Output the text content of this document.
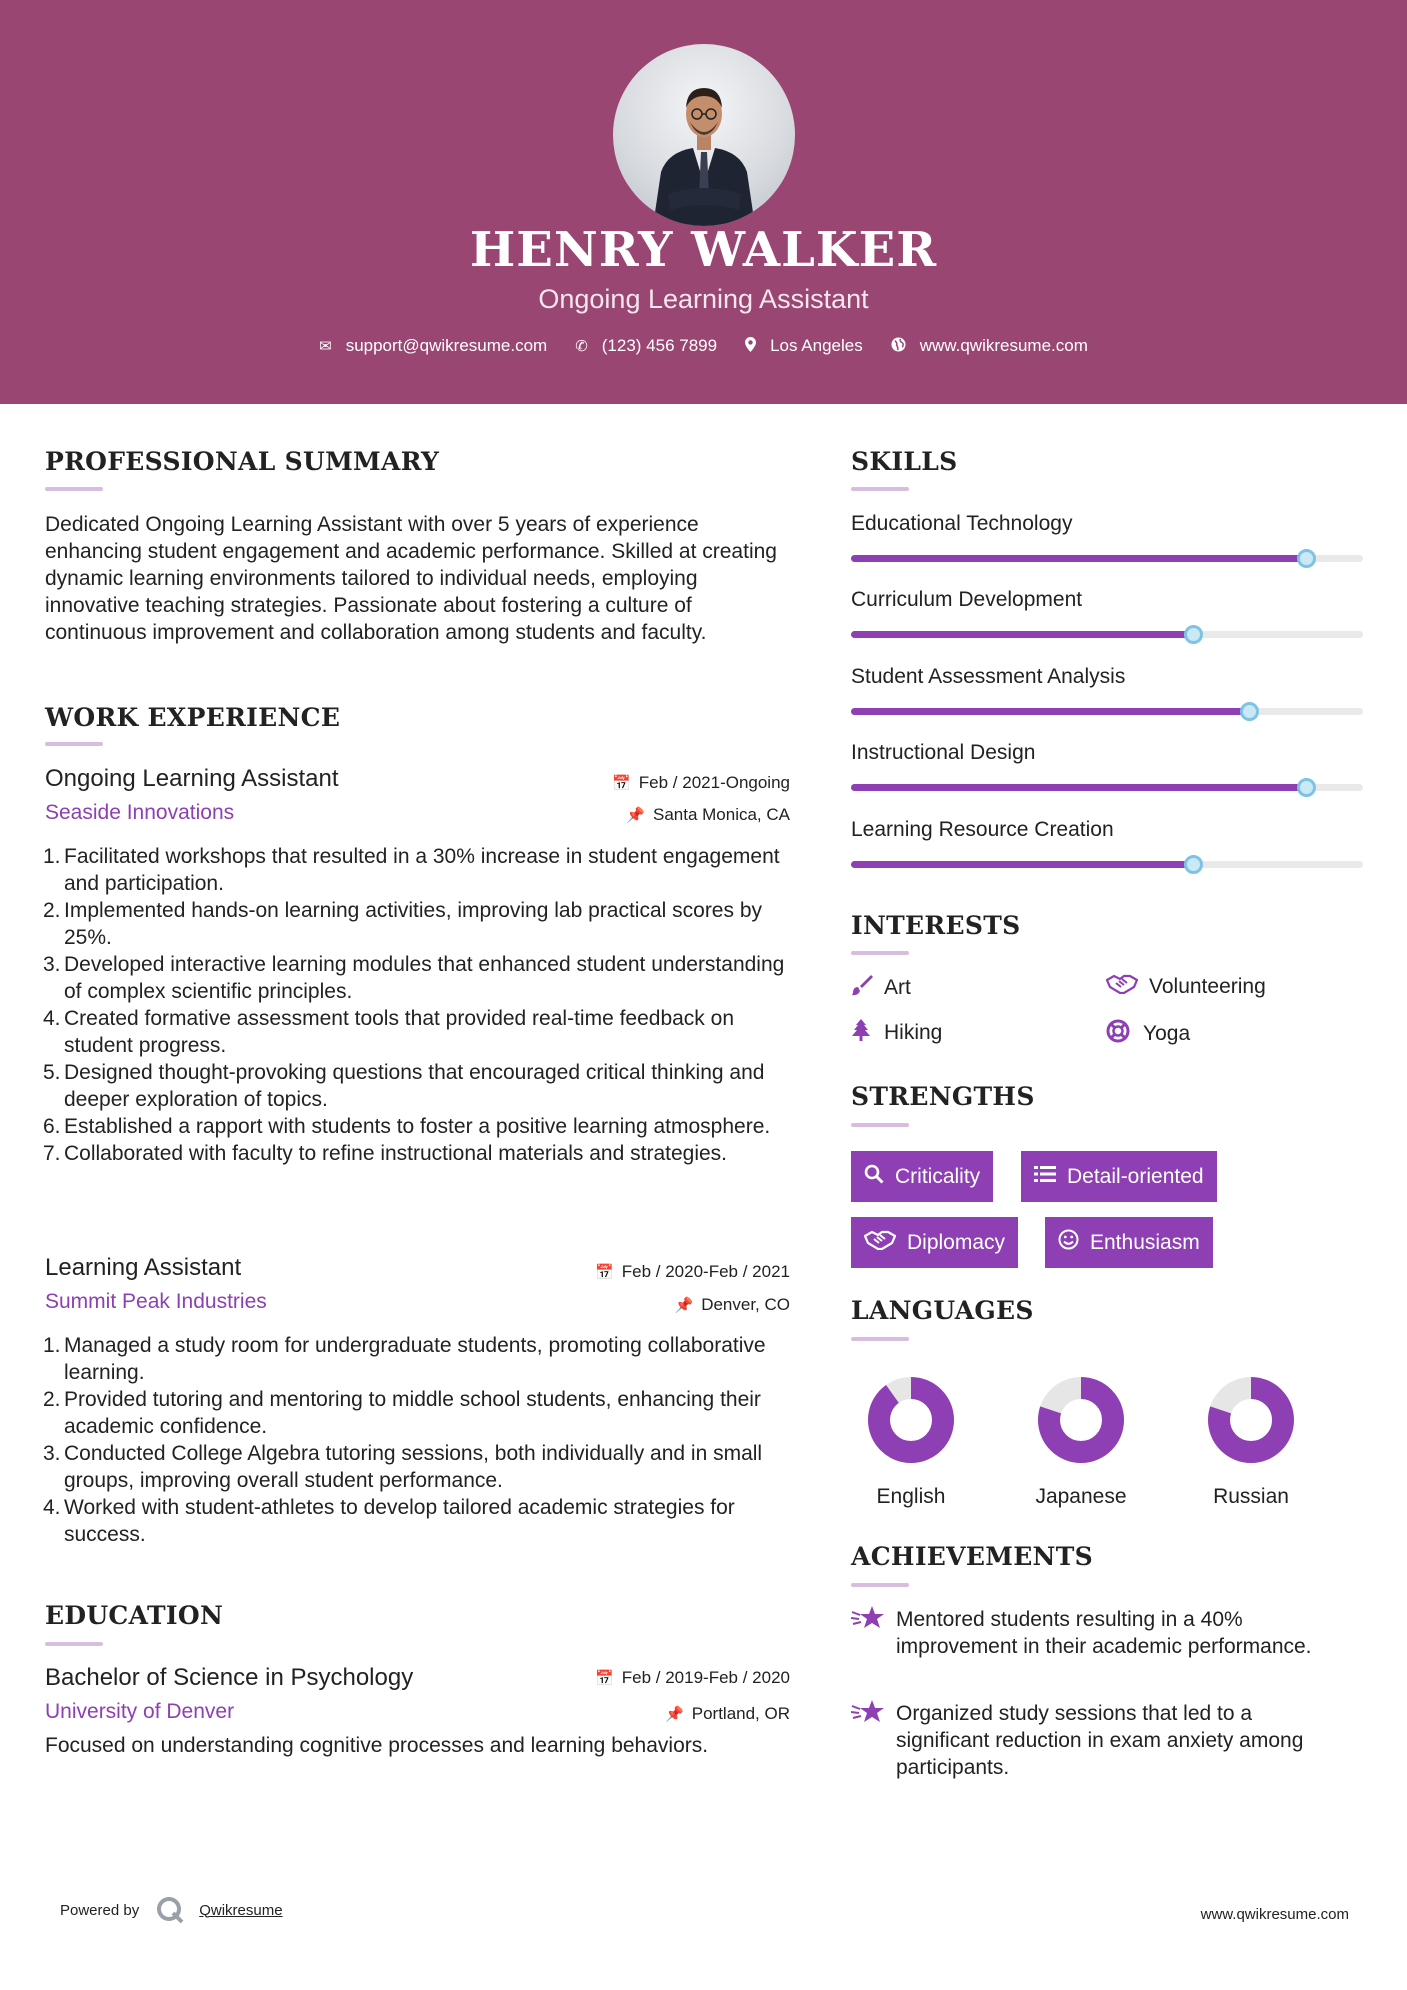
HENRY WALKER
Ongoing Learning Assistant
✉ support@qwikresume.com ✆ (123) 456 7899	Los Angeles	www.qwikresume.com
PROFESSIONAL SUMMARY
Dedicated Ongoing Learning Assistant with over 5 years of experience enhancing student engagement and academic performance. Skilled at creating dynamic learning environments tailored to individual needs, employing innovative teaching strategies. Passionate about fostering a culture of continuous improvement and collaboration among students and faculty.
WORK EXPERIENCE
Ongoing Learning Assistant
Seaside Innovations
📅 Feb / 2021-Ongoing
📌 Santa Monica, CA
1. Facilitated workshops that resulted in a 30% increase in student engagement and participation.
2. Implemented hands-on learning activities, improving lab practical scores by 25%.
3. Developed interactive learning modules that enhanced student understanding of complex scientific principles.
4. Created formative assessment tools that provided real-time feedback on student progress.
5. Designed thought-provoking questions that encouraged critical thinking and deeper exploration of topics.
6. Established a rapport with students to foster a positive learning atmosphere.
7. Collaborated with faculty to refine instructional materials and strategies.
Learning Assistant
Summit Peak Industries
📅 Feb / 2020-Feb / 2021
📌 Denver, CO
1. Managed a study room for undergraduate students, promoting collaborative learning.
2. Provided tutoring and mentoring to middle school students, enhancing their academic confidence.
3. Conducted College Algebra tutoring sessions, both individually and in small groups, improving overall student performance.
4. Worked with student-athletes to develop tailored academic strategies for success.
EDUCATION
Bachelor of Science in Psychology
University of Denver
📅 Feb / 2019-Feb / 2020
📌 Portland, OR
Focused on understanding cognitive processes and learning behaviors.
SKILLS
Educational Technology
Curriculum Development
Student Assessment Analysis
Instructional Design
Learning Resource Creation
INTERESTS
Art	Volunteering
Hiking	Yoga
STRENGTHS
Criticality	Detail-oriented
Diplomacy	Enthusiasm
LANGUAGES
English	Japanese	Russian
ACHIEVEMENTS
Mentored students resulting in a 40% improvement in their academic performance.
Organized study sessions that led to a significant reduction in exam anxiety among participants.
Powered by	Qwikresume	www.qwikresume.com
